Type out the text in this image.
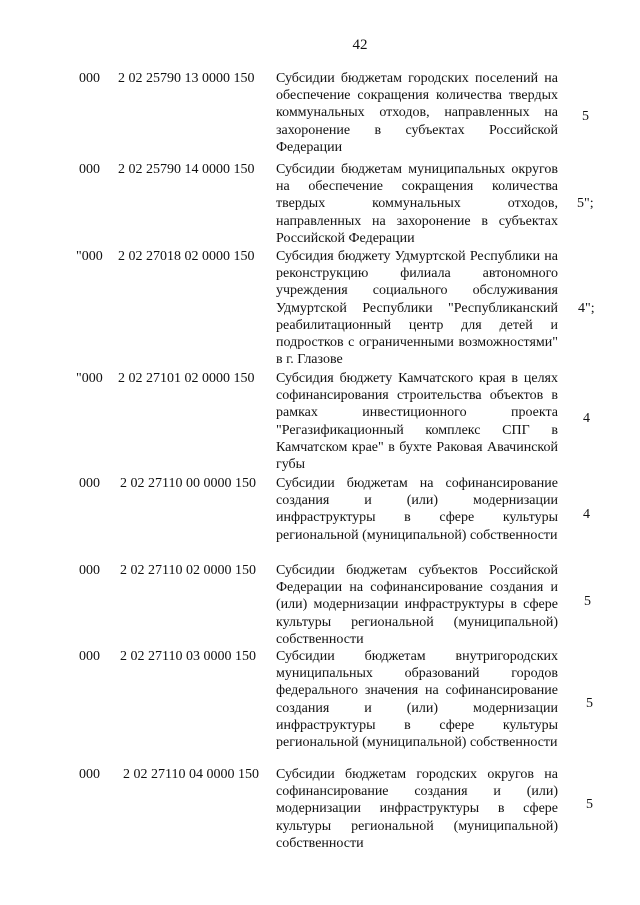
42
000 2 02 25790 13 0000 150 Субсидии бюджетам городских поселений на обеспечение сокращения количества твердых коммунальных отходов, направленных на захоронение в субъектах Российской Федерации
5
000 2 02 25790 14 0000 150 Субсидии бюджетам муниципальных округов на обеспечение сокращения количества твердых коммунальных отходов, направленных на захоронение в субъектах Российской Федерации
5";
"000 2 02 27018 02 0000 150 Субсидия бюджету Удмуртской Республики на реконструкцию филиала автономного учреждения социального обслуживания Удмуртской Республики "Республиканский реабилитационный центр для детей и подростков с ограниченными возможностями" в г. Глазове
4";
"000 2 02 27101 02 0000 150 Субсидия бюджету Камчатского края в целях софинансирования строительства объектов в рамках инвестиционного проекта "Регазификационный комплекс СПГ в Камчатском крае" в бухте Раковая Авачинской губы
4
000 2 02 27110 00 0000 150 Субсидии бюджетам на софинансирование создания и (или) модернизации инфраструктуры в сфере культуры региональной (муниципальной) собственности
4
000 2 02 27110 02 0000 150 Субсидии бюджетам субъектов Российской Федерации на софинансирование создания и (или) модернизации инфраструктуры в сфере культуры региональной (муниципальной) собственности
5
000 2 02 27110 03 0000 150 Субсидии бюджетам внутригородских муниципальных образований городов федерального значения на софинансирование создания и (или) модернизации инфраструктуры в сфере культуры региональной (муниципальной) собственности
5
000 2 02 27110 04 0000 150 Субсидии бюджетам городских округов на софинансирование создания и (или) модернизации инфраструктуры в сфере культуры региональной (муниципальной) собственности
5
